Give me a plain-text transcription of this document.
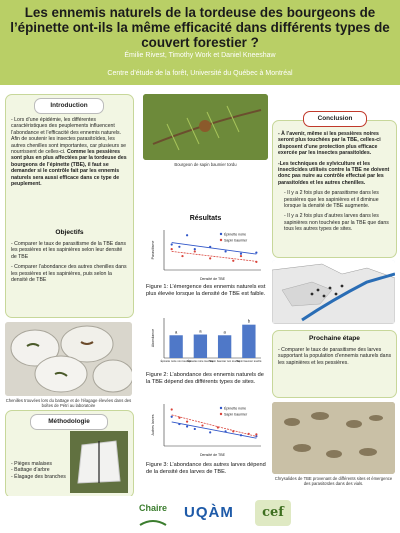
Les ennemis naturels de la tordeuse des bourgeons de l’épinette ont-ils la même efficacité dans différents types de couvert forestier ?
Émilie Rivest, Timothy Work et Daniel Kneeshaw
Centre d’étude de la forêt, Université du Québec à Montréal
Introduction

- Lors d’une épidémie, les différentes caractéristiques des peuplements influencent l’abondance et l’efficacité des ennemis naturels. Afin de soutenir les insectes parasitoïdes, les autres chenilles sont importantes, car plusieurs se nourrissent de celles-ci. Comme les pessières sont plus en plus affectées par la tordeuse des bourgeons de l’épinette (TBE), il faut se demander si le contrôle fait par les ennemis naturels sera aussi efficace dans ce type de peuplement.

Objectifs

- Comparer le taux de parasitisme de la TBE dans les pessières et les sapinières selon leur densité de TBE

- Comparer l’abondance des autres chenilles dans les pessières et les sapinières, puis selon la densité de TBE

Chenilles trouvées lors du battage et de l’élagage élevées dans des boîtes de Pétri au laboratoire
Méthodologie
- Pièges malaises
- Battage d’arbre
- Élagage des branches
Bourgeon de sapin baumier tordu
Résultats
Épinette noire
Sapin baumier
Densité de TBE
Parasitisme
Figure 1: L’émergence des ennemis naturels est plus élevée lorsque la densité de TBE est faible.
a
Épinette noire non touchée
a
Épinette noire touchée
a
Sapin baumier non touché
b
Sapin baumier touché
Abondance
Figure 2: L’abondance des ennemis naturels de la TBE dépend des différents types de sites.
Épinette noire
Sapin baumier
Densité de TBE
Autres larves
Figure 3: L’abondance des autres larves dépend de la densité des larves de TBE.
Conclusion

- À l’avenir, même si les pessières noires seront plus touchées par la TBE, celles-ci disposent d’une protection plus efficace exercée par les insectes parasitoïdes.

-Les techniques de sylviculture et les insecticides utilisés contre la TBE ne doivent donc pas nuire au contrôle effectué par les parasitoïdes et les autres chenilles.

- Il y a 2 fois plus de parasitisme dans les pessières que les sapinières et il diminue lorsque la densité de TBE augmente.

- Il y a 2 fois plus d’autres larves dans les sapinières non touchées par la TBE que dans tous les autres types de sites.

Prochaine étape
- Comparer le taux de parasitisme des larves supportant la population d’ennemis naturels dans les sapinières et les pessières.
Chrysalides de TBE provenant de différents sites et émergence des parasitoïdes dans des vials.
Chaire UQÀM	cef
